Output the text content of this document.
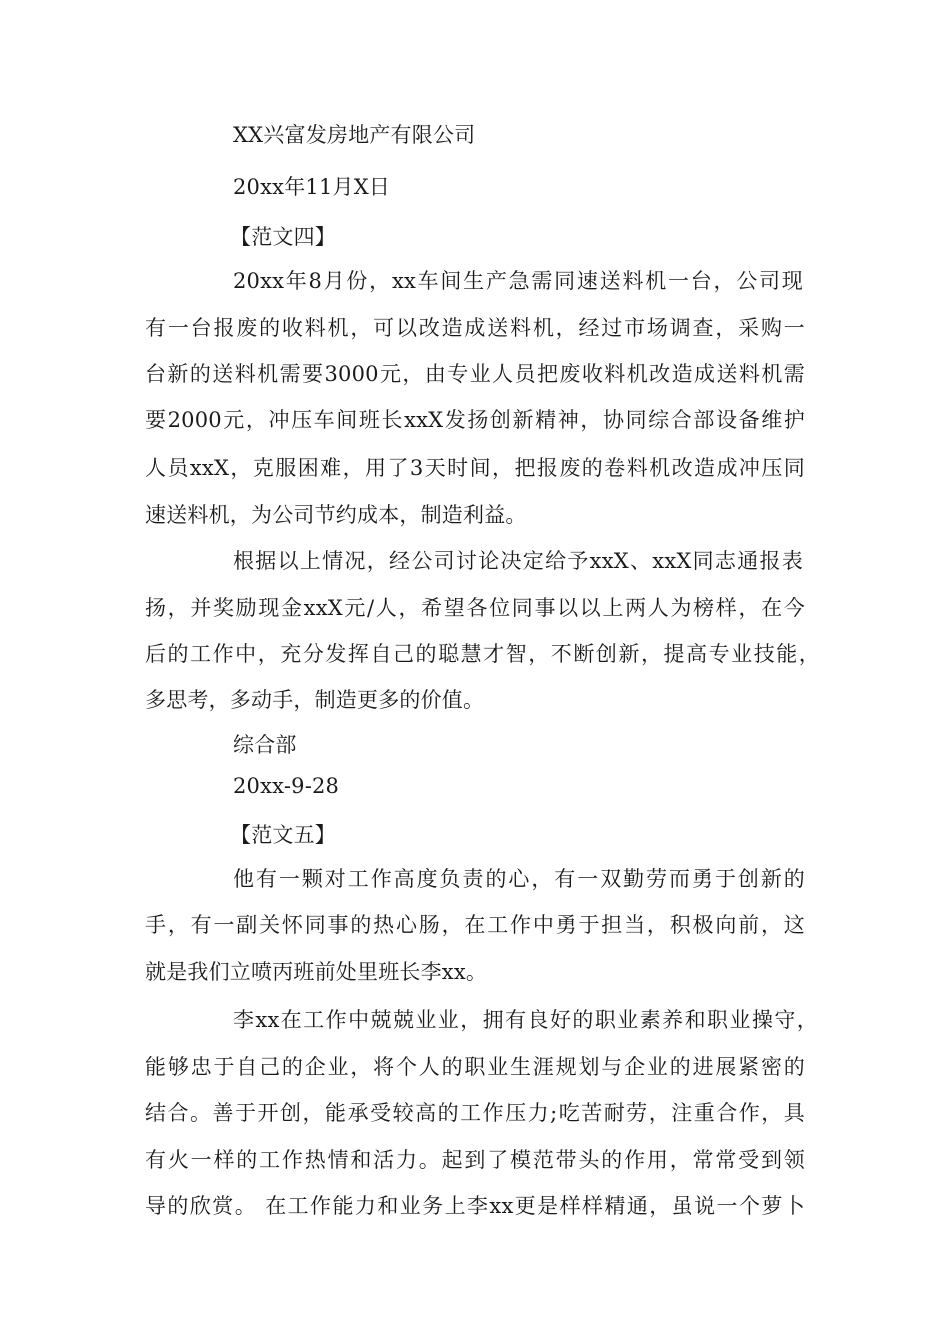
XX兴富发房地产有限公司
20xx年11月X日
【范文四】
20xx年8月份，xx车间生产急需同速送料机一台，公司现
有一台报废的收料机，可以改造成送料机，经过市场调查，采购一
台新的送料机需要3000元，由专业人员把废收料机改造成送料机需
要2000元，冲压车间班长xxX发扬创新精神，协同综合部设备维护
人员xxX，克服困难，用了3天时间，把报废的卷料机改造成冲压同
速送料机，为公司节约成本，制造利益。
根据以上情况，经公司讨论决定给予xxX、xxX同志通报表
扬，并奖励现金xxX元/人，希望各位同事以以上两人为榜样，在今
后的工作中，充分发挥自己的聪慧才智，不断创新，提高专业技能，
多思考，多动手，制造更多的价值。
综合部
20xx-9-28
【范文五】
他有一颗对工作高度负责的心，有一双勤劳而勇于创新的
手，有一副关怀同事的热心肠，在工作中勇于担当，积极向前，这
就是我们立喷丙班前处里班长李xx。
李xx在工作中兢兢业业，拥有良好的职业素养和职业操守，
能够忠于自己的企业，将个人的职业生涯规划与企业的进展紧密的
结合。善于开创，能承受较高的工作压力;吃苦耐劳，注重合作，具
有火一样的工作热情和活力。起到了模范带头的作用，常常受到领
导的欣赏。 在工作能力和业务上李xx更是样样精通，虽说一个萝卜
